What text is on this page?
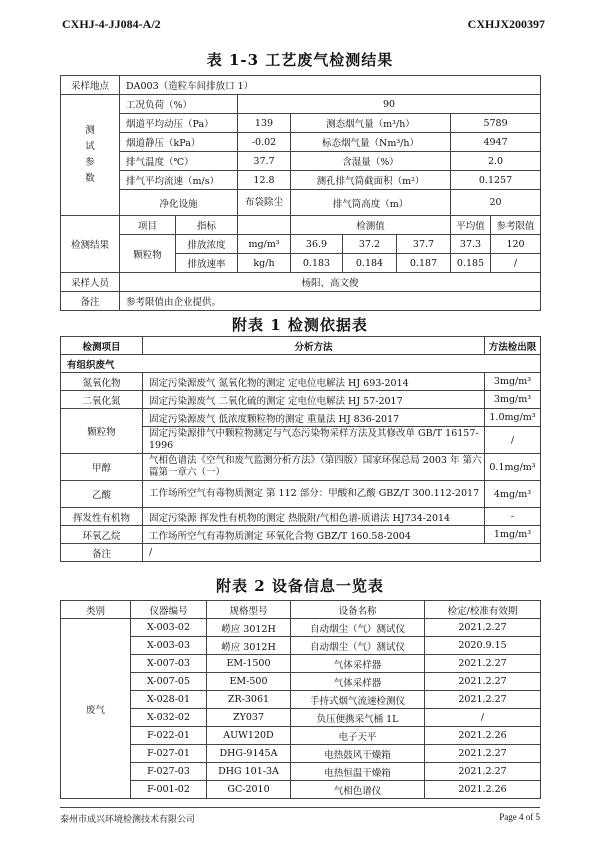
CXHJ-4-JJ084-A/2	CXHJX200397
表 1-3 工艺废气检测结果
采样地点	DA003（造粒车间排放口 1）							

测试参数	工况负荷（%）		90					
	烟道平均动压（Pa）		139	测态烟气量（m³/h）			5789	
	烟道静压（kPa）		-0.02	标态烟气量（Nm³/h）			4947	
	排气温度（℃）		37.7	含湿量（%）			2.0	
	排气平均流速（m/s）		12.8	测孔排气筒截面积（m²）			0.1257	
	净化设施		布袋除尘	排气筒高度（m）			20	
检测结果	项目	指标		检测值			平均值	参考限值
	颗粒物	排放浓度	mg/m³	36.9	37.2	37.7	37.3	120
		排放速率	kg/h	0.183	0.184	0.187	0.185	/
采样人员	杨阳、高文俊							
备注	参考限值由企业提供。							
附表 1 检测依据表
检测项目	分析方法	方法检出限
有组织废气		
氮氧化物	固定污染源废气 氮氧化物的测定 定电位电解法 HJ 693-2014	3mg/m³
二氧化氮	固定污染源废气 二氧化硫的测定 定电位电解法 HJ 57-2017	3mg/m³
颗粒物	固定污染源废气 低浓度颗粒物的测定 重量法 HJ 836-2017	1.0mg/m³
	固定污染源排气中颗粒物测定与气态污染物采样方法及其修改单 GB/T 16157-1996	/
甲醇	气相色谱法《空气和废气监测分析方法》（第四版）国家环保总局 2003 年 第六篇第一章六（一）	0.1mg/m³
乙酸	工作场所空气有毒物质测定 第 112 部分：甲酸和乙酸 GBZ/T 300.112-2017	4mg/m³
挥发性有机物	固定污染源 挥发性有机物的测定 热脱附/气相色谱-质谱法 HJ734-2014	-
环氧乙烷	工作场所空气有毒物质测定 环氧化合物 GBZ/T 160.58-2004	1mg/m³
备注	/	
附表 2 设备信息一览表
类别	仪器编号	规格型号	设备名称	检定/校准有效期
废气	X-003-02	崂应 3012H	自动烟尘（气）测试仪	2021.2.27
	X-003-03	崂应 3012H	自动烟尘（气）测试仪	2020.9.15
	X-007-03	EM-1500	气体采样器	2021.2.27
	X-007-05	EM-500	气体采样器	2021.2.27
	X-028-01	ZR-3061	手持式烟气流速检测仪	2021.2.27
	X-032-02	ZY037	负压便携采气桶 1L	/
	F-022-01	AUW120D	电子天平	2021.2.26
	F-027-01	DHG-9145A	电热鼓风干燥箱	2021.2.27
	F-027-03	DHG 101-3A	电热恒温干燥箱	2021.2.27
	F-001-02	GC-2010	气相色谱仪	2021.2.26
泰州市成兴环境检测技术有限公司	Page 4 of 5
